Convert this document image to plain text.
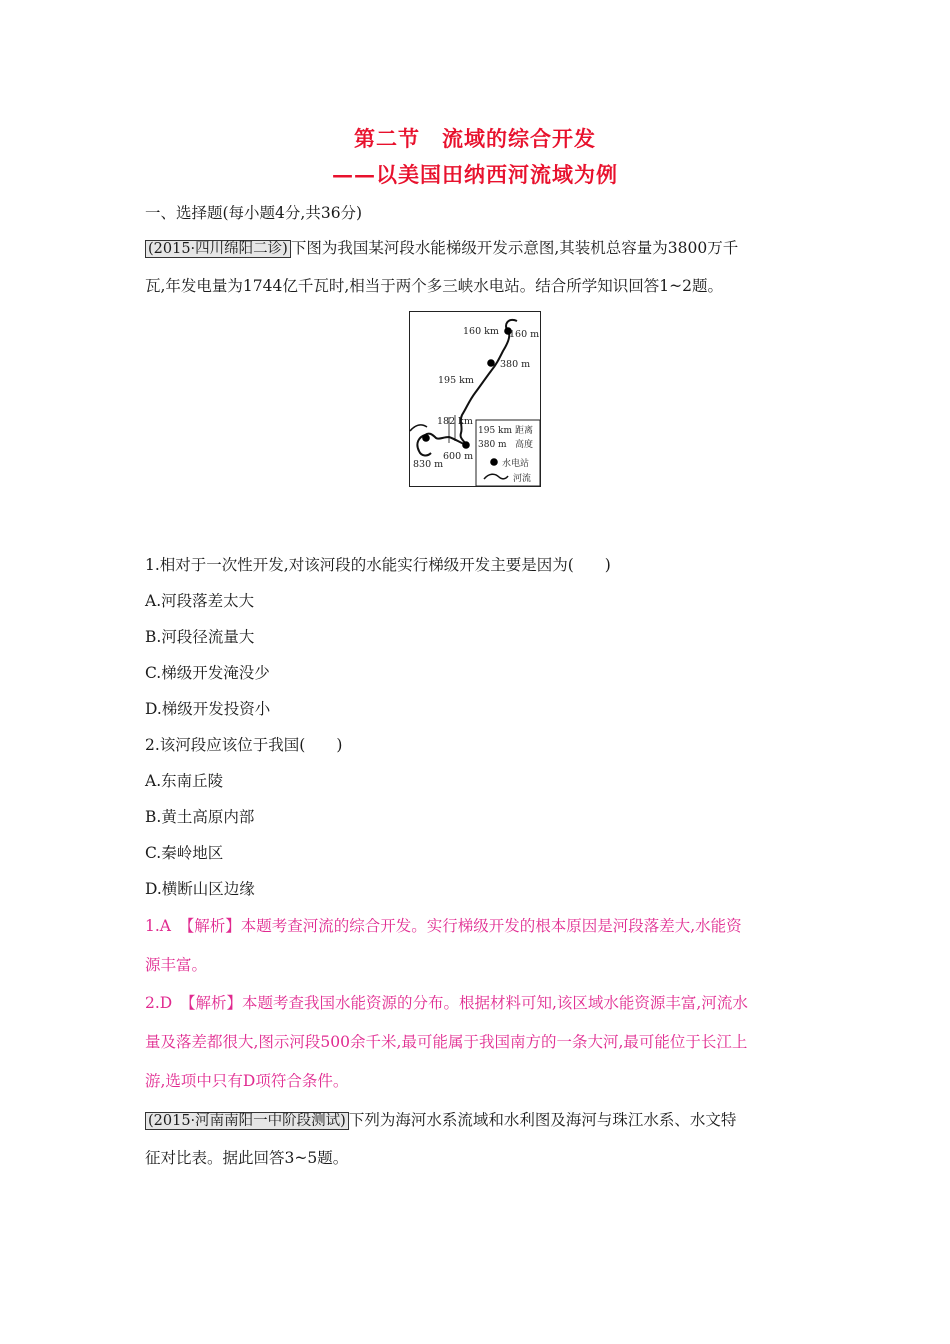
第二节　流域的综合开发
——以美国田纳西河流域为例
一、选择题(每小题4分,共36分)
(2015·四川绵阳二诊) 下图为我国某河段水能梯级开发示意图,其装机总容量为3800万千
瓦,年发电量为1744亿千瓦时,相当于两个多三峡水电站。结合所学知识回答1~2题。
160 km 160 m
380 m
195 km
182 km
600 m
830 m
195 km 距离
380 m 高度
水电站
河流
1.相对于一次性开发,对该河段的水能实行梯级开发主要是因为(　　)
A.河段落差太大
B.河段径流量大
C.梯级开发淹没少
D.梯级开发投资小
2.该河段应该位于我国(　　)
A.东南丘陵
B.黄土高原内部
C.秦岭地区
D.横断山区边缘
1.A　【解析】本题考查河流的综合开发。实行梯级开发的根本原因是河段落差大,水能资
源丰富。
2.D　【解析】本题考查我国水能资源的分布。根据材料可知,该区域水能资源丰富,河流水
量及落差都很大,图示河段500余千米,最可能属于我国南方的一条大河,最可能位于长江上
游,选项中只有D项符合条件。
(2015·河南南阳一中阶段测试) 下列为海河水系流域和水利图及海河与珠江水系、水文特
征对比表。据此回答3~5题。
